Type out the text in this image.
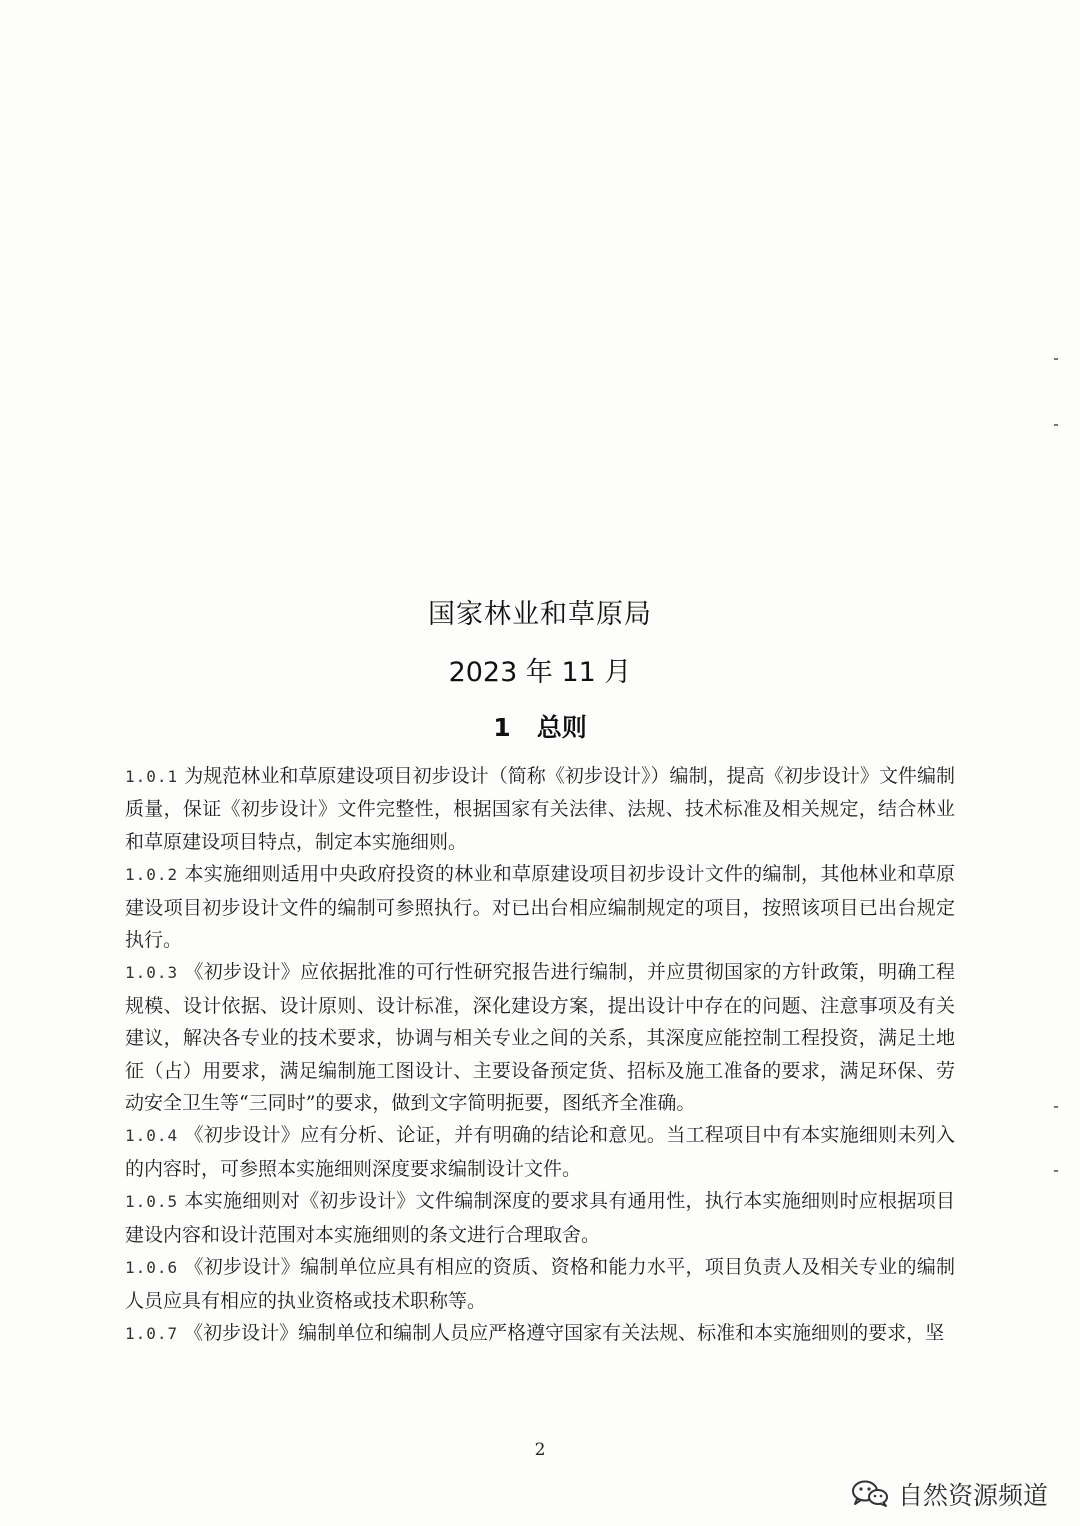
国家林业和草原局
2023 年 11 月
1 总则

1.0.1 为规范林业和草原建设项目初步设计（简称《初步设计》）编制，提高《初步设计》文件编制质量，保证《初步设计》文件完整性，根据国家有关法律、法规、技术标准及相关规定，结合林业和草原建设项目特点，制定本实施细则。

1.0.2 本实施细则适用中央政府投资的林业和草原建设项目初步设计文件的编制，其他林业和草原建设项目初步设计文件的编制可参照执行。对已出台相应编制规定的项目，按照该项目已出台规定执行。

1.0.3 《初步设计》应依据批准的可行性研究报告进行编制，并应贯彻国家的方针政策，明确工程规模、设计依据、设计原则、设计标准，深化建设方案，提出设计中存在的问题、注意事项及有关建议，解决各专业的技术要求，协调与相关专业之间的关系，其深度应能控制工程投资，满足土地征（占）用要求，满足编制施工图设计、主要设备预定货、招标及施工准备的要求，满足环保、劳动安全卫生等“三同时”的要求，做到文字简明扼要，图纸齐全准确。

1.0.4 《初步设计》应有分析、论证，并有明确的结论和意见。当工程项目中有本实施细则未列入的内容时，可参照本实施细则深度要求编制设计文件。

1.0.5 本实施细则对《初步设计》文件编制深度的要求具有通用性，执行本实施细则时应根据项目建设内容和设计范围对本实施细则的条文进行合理取舍。

1.0.6 《初步设计》编制单位应具有相应的资质、资格和能力水平，项目负责人及相关专业的编制人员应具有相应的执业资格或技术职称等。

1.0.7 《初步设计》编制单位和编制人员应严格遵守国家有关法规、标准和本实施细则的要求，坚

2
自然资源频道
